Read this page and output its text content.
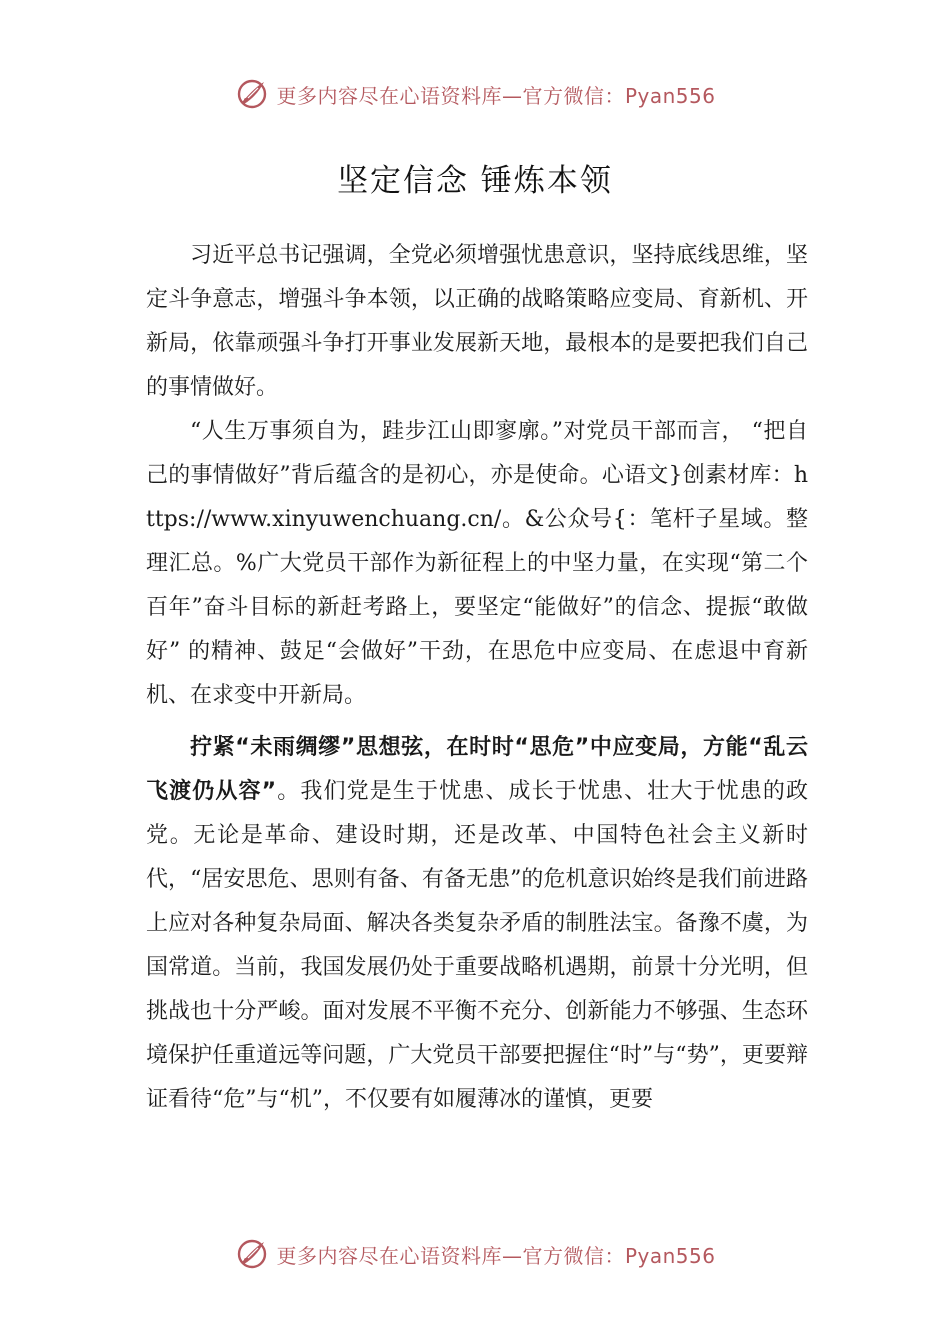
更多内容尽在心语资料库—官方微信：Pyan556
坚定信念 锤炼本领

习近平总书记强调，全党必须增强忧患意识，坚持底线思维，坚定斗争意志，增强斗争本领，以正确的战略策略应变局、育新机、开新局，依靠顽强斗争打开事业发展新天地，最根本的是要把我们自己的事情做好。

“人生万事须自为，跬步江山即寥廓。”对党员干部而言， “把自己的事情做好”背后蕴含的是初心，亦是使命。心语文}创素材库：https://www.xinyuwenchuang.cn/。&公众号{：笔杆子星域。整理汇总。%广大党员干部作为新征程上的中坚力量，在实现“第二个百年”奋斗目标的新赶考路上，要坚定“能做好”的信念、提振“敢做好” 的精神、鼓足“会做好”干劲，在思危中应变局、在虑退中育新机、在求变中开新局。

拧紧“未雨绸缪”思想弦，在时时“思危”中应变局，方能“乱云飞渡仍从容”。我们党是生于忧患、成长于忧患、壮大于忧患的政党。无论是革命、建设时期，还是改革、中国特色社会主义新时代，“居安思危、思则有备、有备无患”的危机意识始终是我们前进路上应对各种复杂局面、解决各类复杂矛盾的制胜法宝。备豫不虞，为国常道。当前，我国发展仍处于重要战略机遇期，前景十分光明，但挑战也十分严峻。面对发展不平衡不充分、创新能力不够强、生态环境保护任重道远等问题，广大党员干部要把握住“时”与“势”，更要辩证看待“危”与“机”，不仅要有如履薄冰的谨慎，更要

更多内容尽在心语资料库—官方微信：Pyan556
